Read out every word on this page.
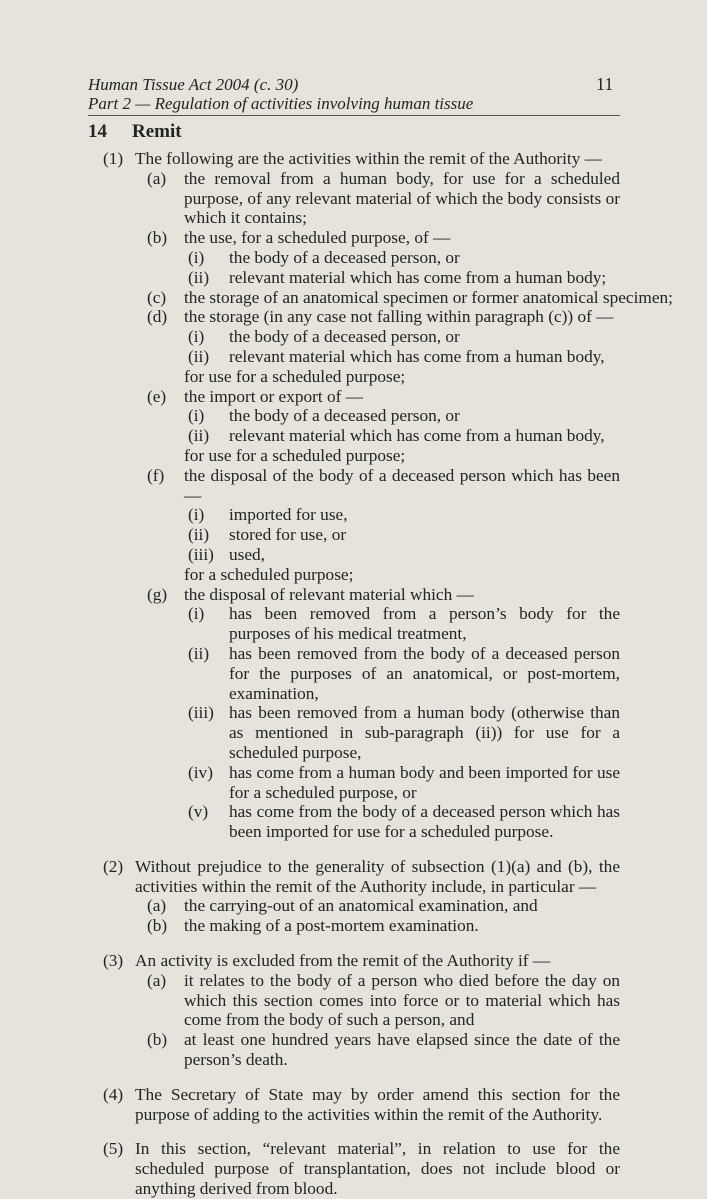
Human Tissue Act 2004 (c. 30)
Part 2 — Regulation of activities involving human tissue
11
14 Remit
(1) The following are the activities within the remit of the Authority —
(a) the removal from a human body, for use for a scheduled purpose, of any relevant material of which the body consists or which it contains;
(b) the use, for a scheduled purpose, of —
(i) the body of a deceased person, or
(ii) relevant material which has come from a human body;
(c) the storage of an anatomical specimen or former anatomical specimen;
(d) the storage (in any case not falling within paragraph (c)) of —
(i) the body of a deceased person, or
(ii) relevant material which has come from a human body,
for use for a scheduled purpose;
(e) the import or export of —
(i) the body of a deceased person, or
(ii) relevant material which has come from a human body,
for use for a scheduled purpose;
(f) the disposal of the body of a deceased person which has been —
(i) imported for use,
(ii) stored for use, or
(iii) used,
for a scheduled purpose;
(g) the disposal of relevant material which —
(i) has been removed from a person’s body for the purposes of his medical treatment,
(ii) has been removed from the body of a deceased person for the purposes of an anatomical, or post-mortem, examination,
(iii) has been removed from a human body (otherwise than as mentioned in sub-paragraph (ii)) for use for a scheduled purpose,
(iv) has come from a human body and been imported for use for a scheduled purpose, or
(v) has come from the body of a deceased person which has been imported for use for a scheduled purpose.
(2) Without prejudice to the generality of subsection (1)(a) and (b), the activities within the remit of the Authority include, in particular —
(a) the carrying-out of an anatomical examination, and
(b) the making of a post-mortem examination.
(3) An activity is excluded from the remit of the Authority if —
(a) it relates to the body of a person who died before the day on which this section comes into force or to material which has come from the body of such a person, and
(b) at least one hundred years have elapsed since the date of the person’s death.
(4) The Secretary of State may by order amend this section for the purpose of adding to the activities within the remit of the Authority.
(5) In this section, “relevant material”, in relation to use for the scheduled purpose of transplantation, does not include blood or anything derived from blood.
